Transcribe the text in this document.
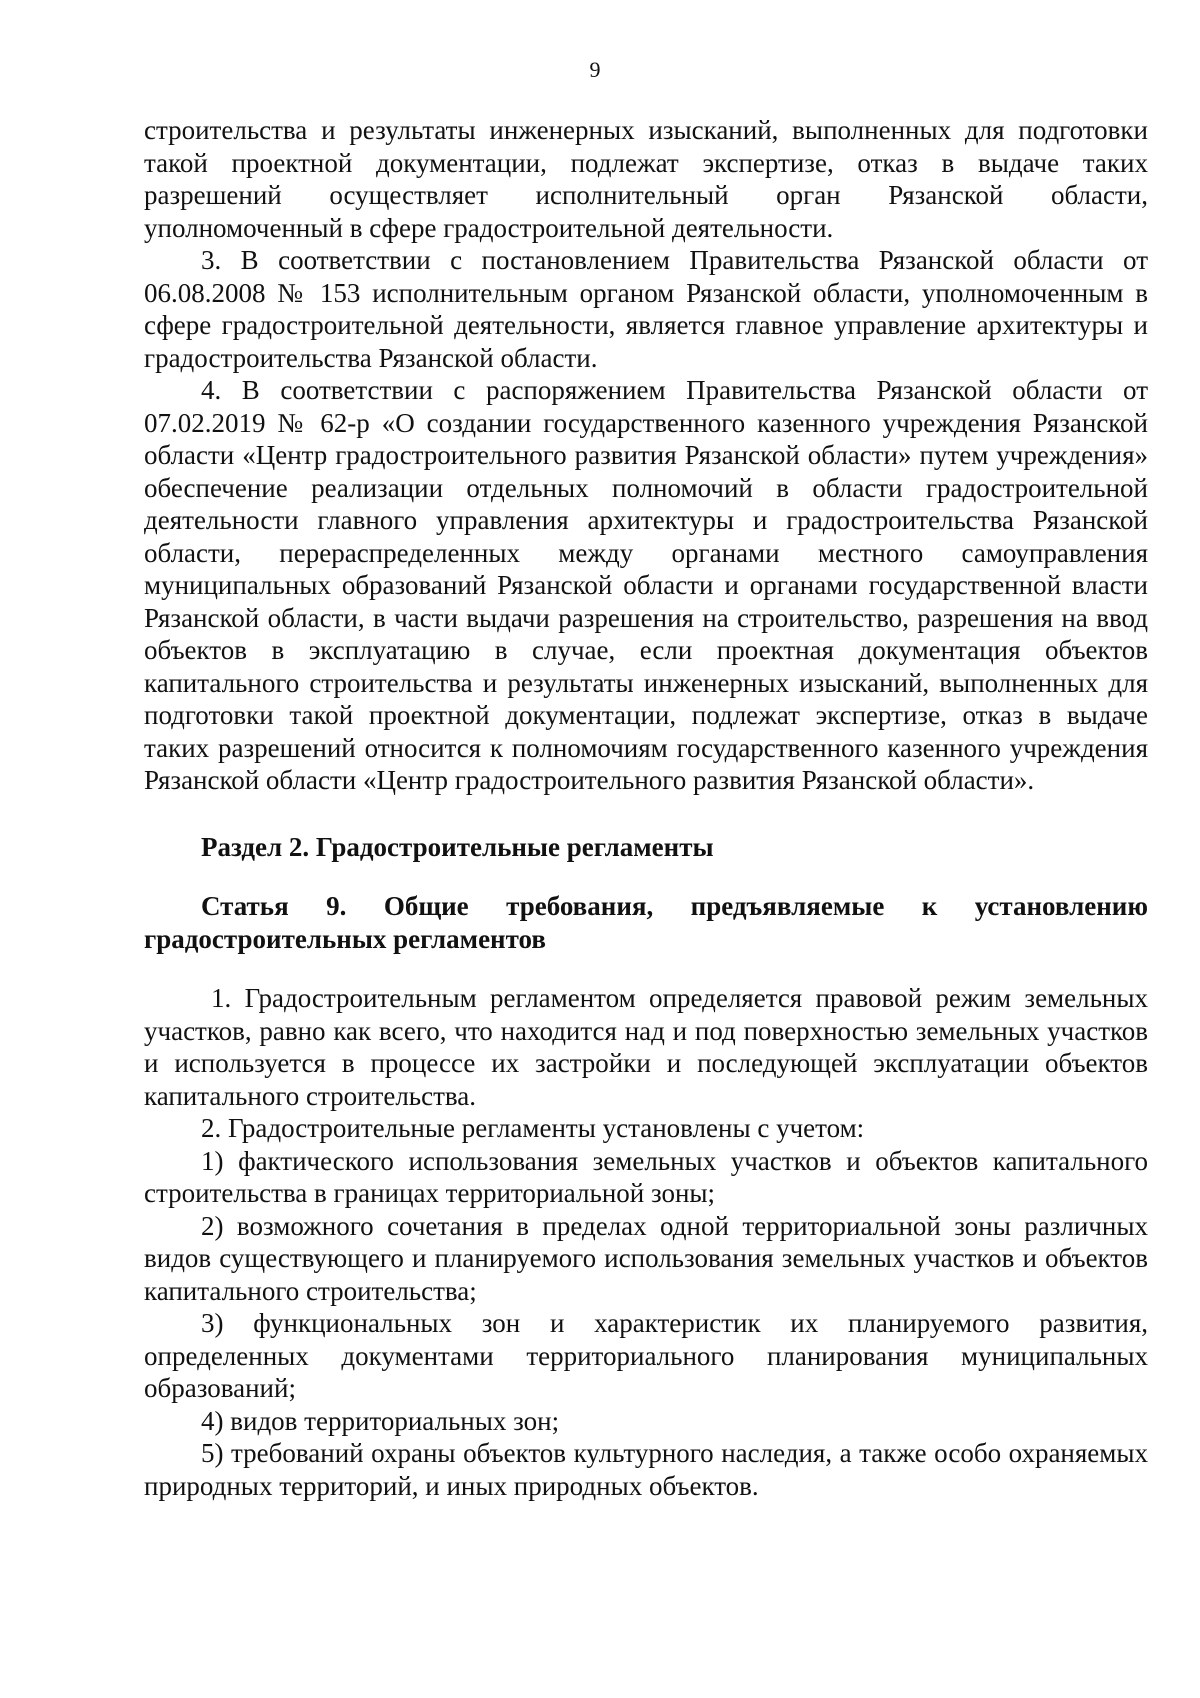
9

строительства и результаты инженерных изысканий, выполненных для подготовки такой проектной документации, подлежат экспертизе, отказ в выдаче таких разрешений осуществляет исполнительный орган Рязанской области, уполномоченный в сфере градостроительной деятельности.

3. В соответствии с постановлением Правительства Рязанской области от 06.08.2008 № 153 исполнительным органом Рязанской области, уполномоченным в сфере градостроительной деятельности, является главное управление архитектуры и градостроительства Рязанской области.

4. В соответствии с распоряжением Правительства Рязанской области от 07.02.2019 № 62-р «О создании государственного казенного учреждения Рязанской области «Центр градостроительного развития Рязанской области» путем учреждения» обеспечение реализации отдельных полномочий в области градостроительной деятельности главного управления архитектуры и градостроительства Рязанской области, перераспределенных между органами местного самоуправления муниципальных образований Рязанской области и органами государственной власти Рязанской области, в части выдачи разрешения на строительство, разрешения на ввод объектов в эксплуатацию в случае, если проектная документация объектов капитального строительства и результаты инженерных изысканий, выполненных для подготовки такой проектной документации, подлежат экспертизе, отказ в выдаче таких разрешений относится к полномочиям государственного казенного учреждения Рязанской области «Центр градостроительного развития Рязанской области».

Раздел 2. Градостроительные регламенты

Статья 9. Общие требования, предъявляемые к установлению градостроительных регламентов

1. Градостроительным регламентом определяется правовой режим земельных участков, равно как всего, что находится над и под поверхностью земельных участков и используется в процессе их застройки и последующей эксплуатации объектов капитального строительства.

2. Градостроительные регламенты установлены с учетом:

1) фактического использования земельных участков и объектов капитального строительства в границах территориальной зоны;

2) возможного сочетания в пределах одной территориальной зоны различных видов существующего и планируемого использования земельных участков и объектов капитального строительства;

3) функциональных зон и характеристик их планируемого развития, определенных документами территориального планирования муниципальных образований;

4) видов территориальных зон;

5) требований охраны объектов культурного наследия, а также особо охраняемых природных территорий, и иных природных объектов.
